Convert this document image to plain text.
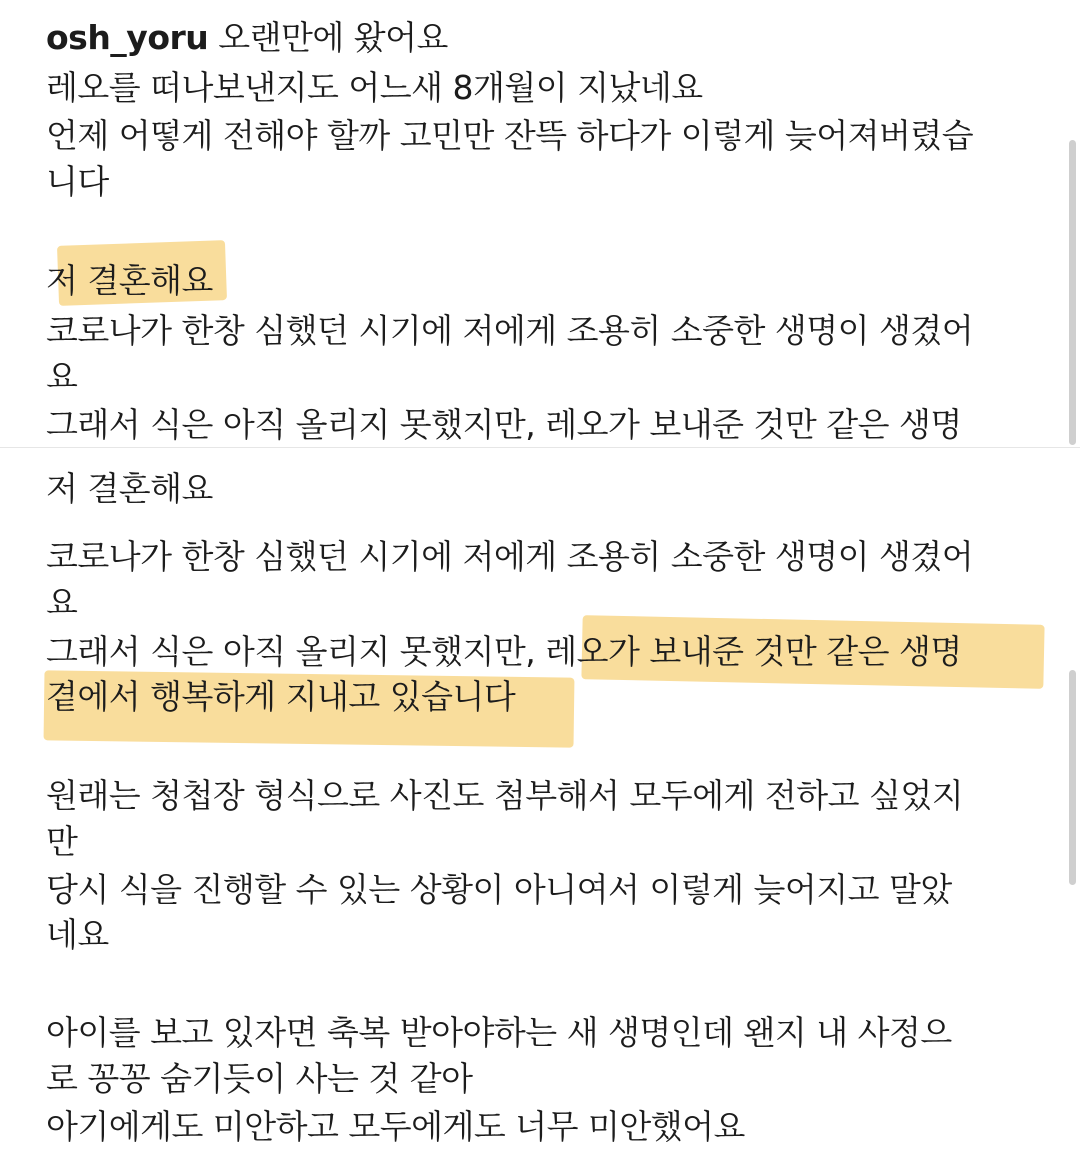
osh_yoru 오랜만에 왔어요
레오를 떠나보낸지도 어느새 8개월이 지났네요
언제 어떻게 전해야 할까 고민만 잔뜩 하다가 이렇게 늦어져버렸습
니다
저 결혼해요
코로나가 한창 심했던 시기에 저에게 조용히 소중한 생명이 생겼어
요
그래서 식은 아직 올리지 못했지만, 레오가 보내준 것만 같은 생명
저 결혼해요
코로나가 한창 심했던 시기에 저에게 조용히 소중한 생명이 생겼어
요
그래서 식은 아직 올리지 못했지만, 레오가 보내준 것만 같은 생명
곁에서 행복하게 지내고 있습니다
원래는 청첩장 형식으로 사진도 첨부해서 모두에게 전하고 싶었지
만
당시 식을 진행할 수 있는 상황이 아니여서 이렇게 늦어지고 말았
네요
아이를 보고 있자면 축복 받아야하는 새 생명인데 왠지 내 사정으
로 꽁꽁 숨기듯이 사는 것 같아
아기에게도 미안하고 모두에게도 너무 미안했어요
